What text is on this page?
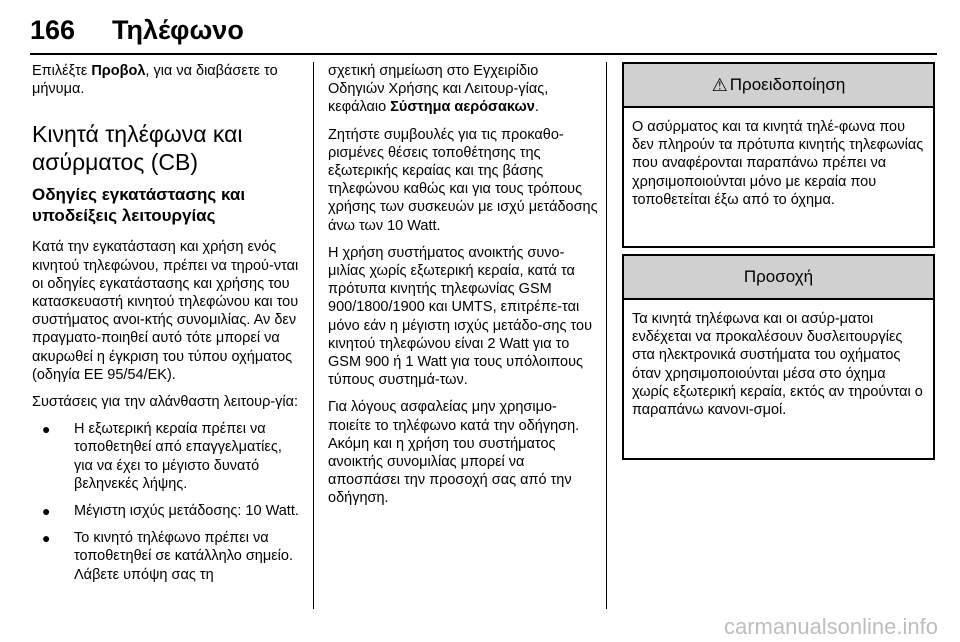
166 Τηλέφωνο

Επιλέξτε Προβολ, για να διαβάσετε το μήνυμα.

Κινητά τηλέφωνα και ασύρματος (CB)
Οδηγίες εγκατάστασης και υποδείξεις λειτουργίας

Κατά την εγκατάσταση και χρήση ενός κινητού τηλεφώνου, πρέπει να τηρού-νται οι οδηγίες εγκατάστασης και χρήσης του κατασκευαστή κινητού τηλεφώνου και του συστήματος ανοι-κτής συνομιλίας. Αν δεν πραγματο-ποιηθεί αυτό τότε μπορεί να ακυρωθεί η έγκριση του τύπου οχήματος (οδηγία ΕΕ 95/54/ΕΚ).

Συστάσεις για την αλάνθαστη λειτουρ-γία:

● Η εξωτερική κεραία πρέπει να τοποθετηθεί από επαγγελματίες, για να έχει το μέγιστο δυνατό βεληνεκές λήψης.
● Μέγιστη ισχύς μετάδοσης: 10 Watt.
● Το κινητό τηλέφωνο πρέπει να τοποθετηθεί σε κατάλληλο σημείο. Λάβετε υπόψη σας τη

σχετική σημείωση στο Εγχειρίδιο Οδηγιών Χρήσης και Λειτουρ-γίας, κεφάλαιο Σύστημα αερόσακων.

Ζητήστε συμβουλές για τις προκαθο-ρισμένες θέσεις τοποθέτησης της εξωτερικής κεραίας και της βάσης τηλεφώνου καθώς και για τους τρόπους χρήσης των συσκευών με ισχύ μετάδοσης άνω των 10 Watt.

Η χρήση συστήματος ανοικτής συνο-μιλίας χωρίς εξωτερική κεραία, κατά τα πρότυπα κινητής τηλεφωνίας GSM 900/1800/1900 και UMTS, επιτρέπε-ται μόνο εάν η μέγιστη ισχύς μετάδο-σης του κινητού τηλεφώνου είναι 2 Watt για το GSM 900 ή 1 Watt για τους υπόλοιπους τύπους συστημά-των.

Για λόγους ασφαλείας μην χρησιμο-ποιείτε το τηλέφωνο κατά την οδήγηση. Ακόμη και η χρήση του συστήματος ανοικτής συνομιλίας μπορεί να αποσπάσει την προσοχή σας από την οδήγηση.

⚠ Προειδοποίηση
Ο ασύρματος και τα κινητά τηλέ-φωνα που δεν πληρούν τα πρότυπα κινητής τηλεφωνίας που αναφέρονται παραπάνω πρέπει να χρησιμοποιούνται μόνο με κεραία που τοποθετείται έξω από το όχημα.
Προσοχή
Τα κινητά τηλέφωνα και οι ασύρ-ματοι ενδέχεται να προκαλέσουν δυσλειτουργίες στα ηλεκτρονικά συστήματα του οχήματος όταν χρησιμοποιούνται μέσα στο όχημα χωρίς εξωτερική κεραία, εκτός αν τηρούνται ο παραπάνω κανονι-σμοί.
carmanualsonline.info
